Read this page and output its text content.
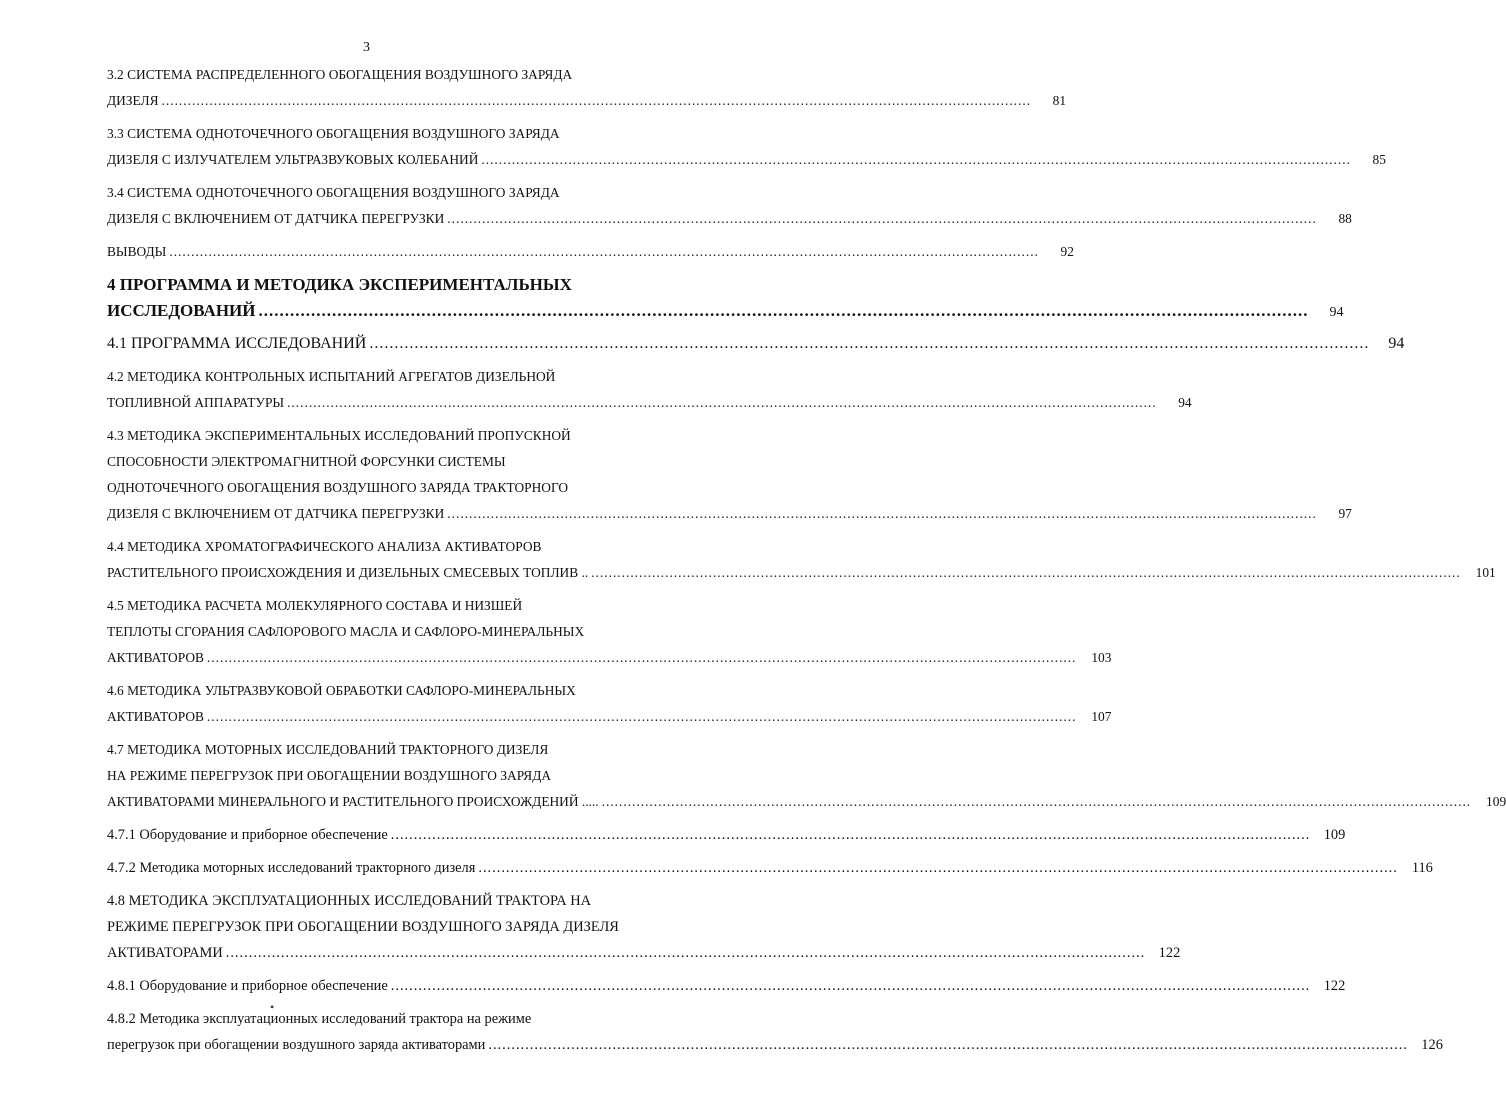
3
3.2 СИСТЕМА РАСПРЕДЕЛЕННОГО ОБОГАЩЕНИЯ ВОЗДУШНОГО ЗАРЯДА
ДИЗЕЛЯ ........................................................................................................................................................................................................	81
3.3 СИСТЕМА ОДНОТОЧЕЧНОГО ОБОГАЩЕНИЯ ВОЗДУШНОГО ЗАРЯДА
ДИЗЕЛЯ С ИЗЛУЧАТЕЛЕМ УЛЬТРАЗВУКОВЫХ КОЛЕБАНИЙ ........................................................................................................................................................................................................	85
3.4 СИСТЕМА ОДНОТОЧЕЧНОГО ОБОГАЩЕНИЯ ВОЗДУШНОГО ЗАРЯДА
ДИЗЕЛЯ С ВКЛЮЧЕНИЕМ ОТ ДАТЧИКА ПЕРЕГРУЗКИ ........................................................................................................................................................................................................	88
ВЫВОДЫ ........................................................................................................................................................................................................	92
4 ПРОГРАММА И МЕТОДИКА ЭКСПЕРИМЕНТАЛЬНЫХ
ИССЛЕДОВАНИЙ ........................................................................................................................................................................................................	94
4.1 ПРОГРАММА ИССЛЕДОВАНИЙ ........................................................................................................................................................................................................	94
4.2 МЕТОДИКА КОНТРОЛЬНЫХ ИСПЫТАНИЙ АГРЕГАТОВ ДИЗЕЛЬНОЙ
ТОПЛИВНОЙ АППАРАТУРЫ ........................................................................................................................................................................................................	94
4.3 МЕТОДИКА ЭКСПЕРИМЕНТАЛЬНЫХ ИССЛЕДОВАНИЙ ПРОПУСКНОЙ
СПОСОБНОСТИ ЭЛЕКТРОМАГНИТНОЙ ФОРСУНКИ СИСТЕМЫ
ОДНОТОЧЕЧНОГО ОБОГАЩЕНИЯ ВОЗДУШНОГО ЗАРЯДА ТРАКТОРНОГО
ДИЗЕЛЯ С ВКЛЮЧЕНИЕМ ОТ ДАТЧИКА ПЕРЕГРУЗКИ ........................................................................................................................................................................................................	97
4.4 МЕТОДИКА ХРОМАТОГРАФИЧЕСКОГО АНАЛИЗА АКТИВАТОРОВ
РАСТИТЕЛЬНОГО ПРОИСХОЖДЕНИЯ И ДИЗЕЛЬНЫХ СМЕСЕВЫХ ТОПЛИВ .. ........................................................................................................................................................................................................	101
4.5 МЕТОДИКА РАСЧЕТА МОЛЕКУЛЯРНОГО СОСТАВА И НИЗШЕЙ
ТЕПЛОТЫ СГОРАНИЯ САФЛОРОВОГО МАСЛА И САФЛОРО-МИНЕРАЛЬНЫХ
АКТИВАТОРОВ ........................................................................................................................................................................................................	103
4.6 МЕТОДИКА УЛЬТРАЗВУКОВОЙ ОБРАБОТКИ САФЛОРО-МИНЕРАЛЬНЫХ
АКТИВАТОРОВ ........................................................................................................................................................................................................	107
4.7 МЕТОДИКА МОТОРНЫХ ИССЛЕДОВАНИЙ ТРАКТОРНОГО ДИЗЕЛЯ
НА РЕЖИМЕ ПЕРЕГРУЗОК ПРИ ОБОГАЩЕНИИ ВОЗДУШНОГО ЗАРЯДА
АКТИВАТОРАМИ МИНЕРАЛЬНОГО И РАСТИТЕЛЬНОГО ПРОИСХОЖДЕНИЙ ..... ........................................................................................................................................................................................................	109
4.7.1 Оборудование и приборное обеспечение ........................................................................................................................................................................................................ 109
4.7.2 Методика моторных исследований тракторного дизеля ........................................................................................................................................................................................................ 116
4.8 МЕТОДИКА ЭКСПЛУАТАЦИОННЫХ ИССЛЕДОВАНИЙ ТРАКТОРА НА
РЕЖИМЕ ПЕРЕГРУЗОК ПРИ ОБОГАЩЕНИИ ВОЗДУШНОГО ЗАРЯДА ДИЗЕЛЯ
АКТИВАТОРАМИ ........................................................................................................................................................................................................ 122
4.8.1 Оборудование и приборное обеспечение ........................................................................................................................................................................................................ 122
4.8.2 Методика эксплуатационных исследований трактора на режиме
перегрузок при обогащении воздушного заряда активаторами ........................................................................................................................................................................................................ 126
•
